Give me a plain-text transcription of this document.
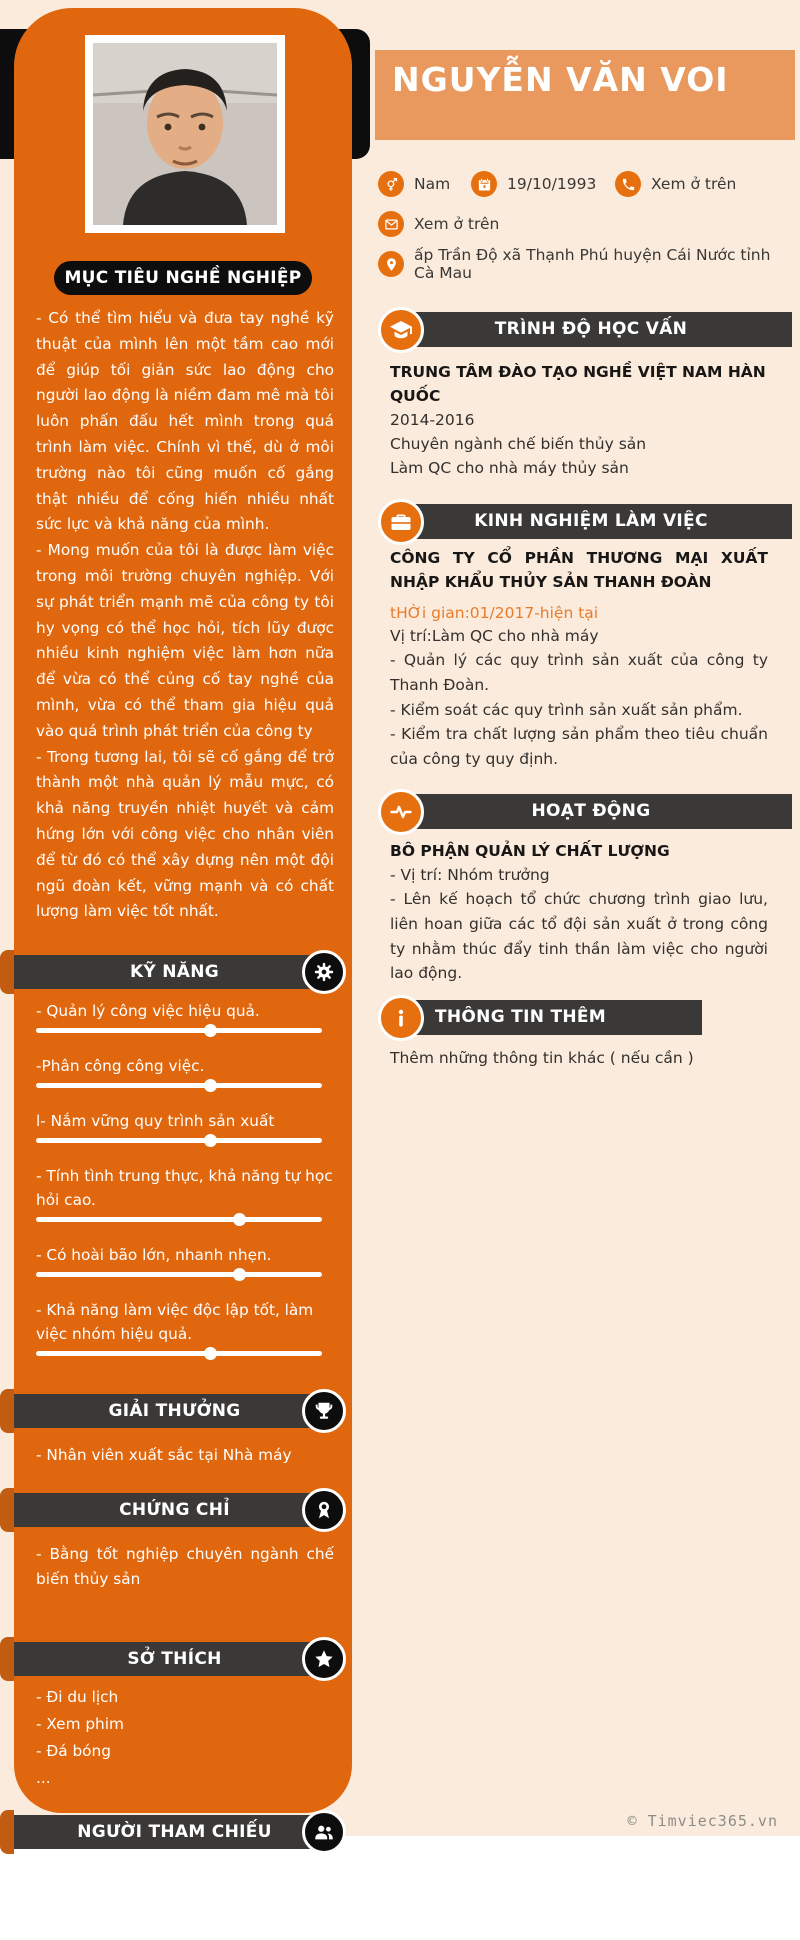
MỤC TIÊU NGHỀ NGHIỆP

- Có thể tìm hiểu và đưa tay nghề kỹ thuật của mình lên một tầm cao mới để giúp tối giản sức lao động cho người lao động là niềm đam mê mà tôi luôn phấn đấu hết mình trong quá trình làm việc. Chính vì thế, dù ở môi trường nào tôi cũng muốn cố gắng thật nhiều để cống hiến nhiều nhất sức lực và khả năng của mình.

- Mong muốn của tôi là được làm việc trong môi trường chuyên nghiệp. Với sự phát triển mạnh mẽ của công ty tôi hy vọng có thể học hỏi, tích lũy được nhiều kinh nghiệm việc làm hơn nữa để vừa có thể củng cố tay nghề của mình, vừa có thể tham gia hiệu quả vào quá trình phát triển của công ty

- Trong tương lai, tôi sẽ cố gắng để trở thành một nhà quản lý mẫu mực, có khả năng truyền nhiệt huyết và cảm hứng lớn với công việc cho nhân viên để từ đó có thể xây dựng nên một đội ngũ đoàn kết, vững mạnh và có chất lượng làm việc tốt nhất.

KỸ NĂNG
- Quản lý công việc hiệu quả.
-Phân công công việc.
l- Nắm vững quy trình sản xuất
- Tính tình trung thực, khả năng tự học hỏi cao.
- Có hoài bão lớn, nhanh nhẹn.
- Khả năng làm việc độc lập tốt, làm việc nhóm hiệu quả.
GIẢI THƯỞNG
- Nhân viên xuất sắc tại Nhà máy
CHỨNG CHỈ
- Bằng tốt nghiệp chuyên ngành chế biến thủy sản
SỞ THÍCH
- Đi du lịch
- Xem phim
- Đá bóng
...
NGƯỜI THAM CHIẾU
Bà Bích Phưỡng
Công ty thủy sản Blue bay
0839301997
NGUYỄN VĂN VOI
Nam	19/10/1993	Xem ở trên
Xem ở trên
ấp Trần Độ xã Thạnh Phú huyện Cái Nước tỉnh Cà Mau
TRÌNH ĐỘ HỌC VẤN
TRUNG TÂM ĐÀO TẠO NGHỀ VIỆT NAM HÀN QUỐC
2014-2016
Chuyên ngành chế biến thủy sản
Làm QC cho nhà máy thủy sản
KINH NGHIỆM LÀM VIỆC
CÔNG TY CỔ PHẦN THƯƠNG MẠI XUẤT NHẬP KHẨU THỦY SẢN THANH ĐOÀN
tHỜi gian:01/2017-hiện tại
Vị trí:Làm QC cho nhà máy
- Quản lý các quy trình sản xuất của công ty Thanh Đoàn.
- Kiểm soát các quy trình sản xuất sản phẩm.
- Kiểm tra chất lượng sản phẩm theo tiêu chuẩn của công ty quy định.
HOẠT ĐỘNG
BÔ PHẬN QUẢN LÝ CHẤT LƯỢNG
- Vị trí: Nhóm trưởng
- Lên kế hoạch tổ chức chương trình giao lưu, liên hoan giữa các tổ đội sản xuất ở trong công ty nhằm thúc đẩy tinh thần làm việc cho người lao động.
THÔNG TIN THÊM
Thêm những thông tin khác ( nếu cần )
© Timviec365.vn
